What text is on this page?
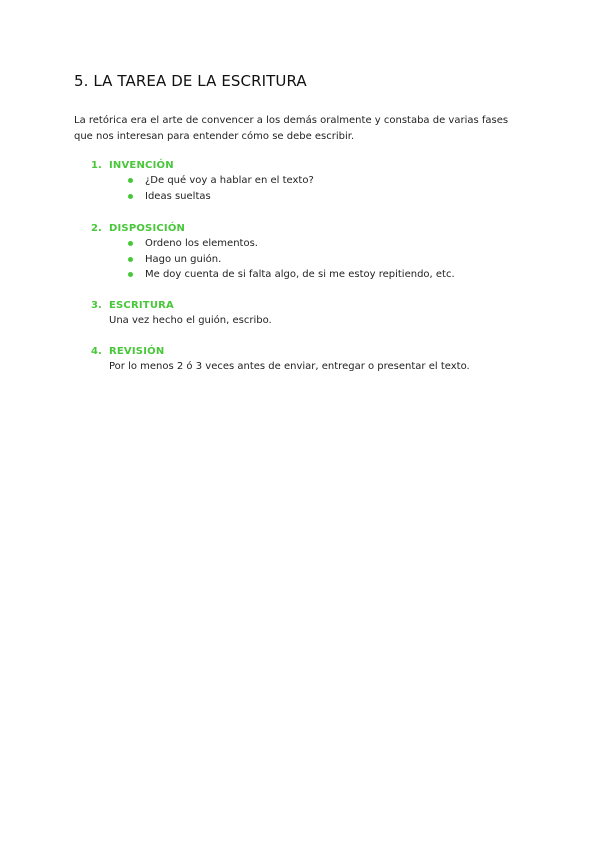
5. LA TAREA DE LA ESCRITURA

La retórica era el arte de convencer a los demás oralmente y constaba de varias fases que nos interesan para entender cómo se debe escribir.

1. INVENCIÓN
¿De qué voy a hablar en el texto?
Ideas sueltas
2. DISPOSICIÓN
Ordeno los elementos.
Hago un guión.
Me doy cuenta de si falta algo, de si me estoy repitiendo, etc.
3. ESCRITURA

Una vez hecho el guión, escribo.

4. REVISIÓN

Por lo menos 2 ó 3 veces antes de enviar, entregar o presentar el texto.
